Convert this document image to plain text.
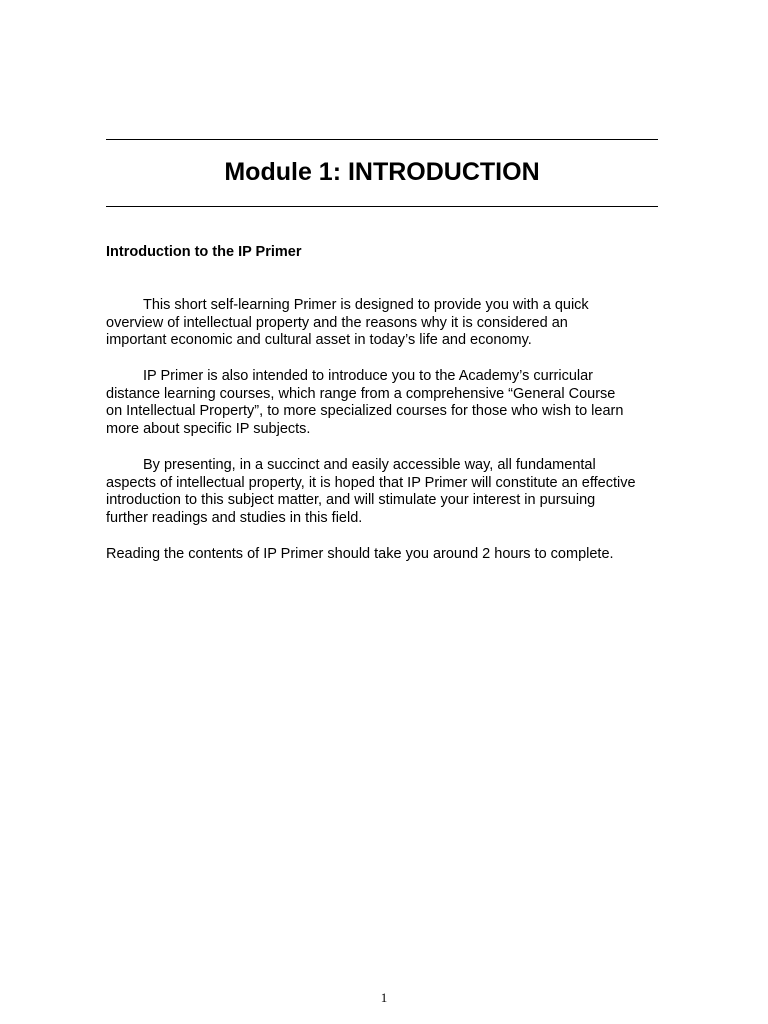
Module 1: INTRODUCTION
Introduction to the IP Primer
This short self-learning Primer is designed to provide you with a quick
overview of intellectual property and the reasons why it is considered an
important economic and cultural asset in today’s life and economy.
IP Primer is also intended to introduce you to the Academy’s curricular
distance learning courses, which range from a comprehensive “General Course
on Intellectual Property”, to more specialized courses for those who wish to learn
more about specific IP subjects.
By presenting, in a succinct and easily accessible way, all fundamental
aspects of intellectual property, it is hoped that IP Primer will constitute an effective
introduction to this subject matter, and will stimulate your interest in pursuing
further readings and studies in this field.
Reading the contents of IP Primer should take you around 2 hours to complete.
1
